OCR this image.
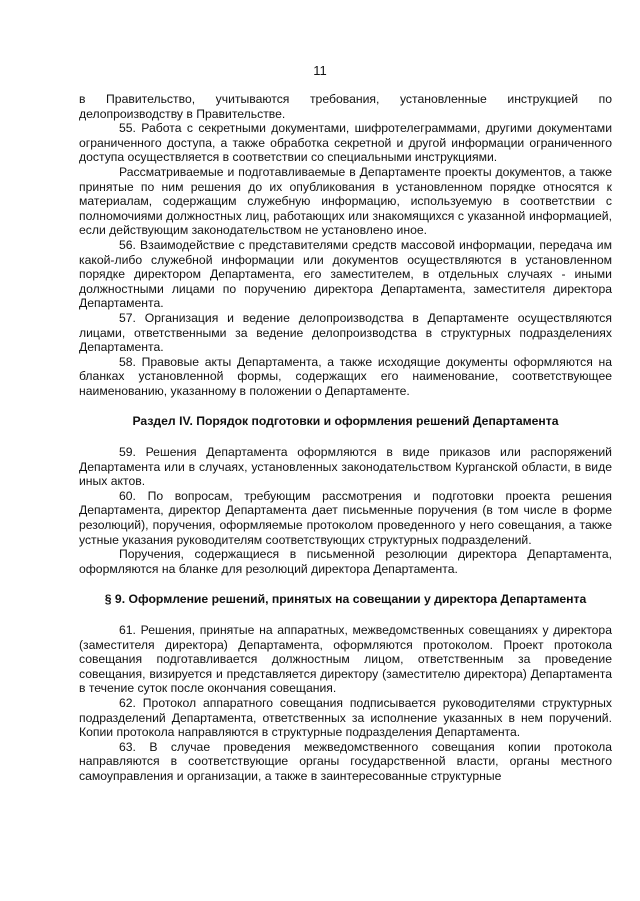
11

в Правительство, учитываются требования, установленные инструкцией по делопроизводству в Правительстве.

55. Работа с секретными документами, шифротелеграммами, другими документами ограниченного доступа, а также обработка секретной и другой информации ограниченного доступа осуществляется в соответствии со специальными инструкциями.

Рассматриваемые и подготавливаемые в Департаменте проекты документов, а также принятые по ним решения до их опубликования в установленном порядке относятся к материалам, содержащим служебную информацию, используемую в соответствии с полномочиями должностных лиц, работающих или знакомящихся с указанной информацией, если действующим законодательством не установлено иное.

56. Взаимодействие с представителями средств массовой информации, передача им какой-либо служебной информации или документов осуществляются в установленном порядке директором Департамента, его заместителем, в отдельных случаях - иными должностными лицами по поручению директора Департамента, заместителя директора Департамента.

57. Организация и ведение делопроизводства в Департаменте осуществляются лицами, ответственными за ведение делопроизводства в структурных подразделениях Департамента.

58. Правовые акты Департамента, а также исходящие документы оформляются на бланках установленной формы, содержащих его наименование, соответствующее наименованию, указанному в положении о Департаменте.

Раздел IV. Порядок подготовки и оформления решений Департамента

59. Решения Департамента оформляются в виде приказов или распоряжений Департамента или в случаях, установленных законодательством Курганской области, в виде иных актов.

60. По вопросам, требующим рассмотрения и подготовки проекта решения Департамента, директор Департамента дает письменные поручения (в том числе в форме резолюций), поручения, оформляемые протоколом проведенного у него совещания, а также устные указания руководителям соответствующих структурных подразделений.

Поручения, содержащиеся в письменной резолюции директора Департамента, оформляются на бланке для резолюций директора Департамента.

§ 9. Оформление решений, принятых на совещании у директора Департамента

61. Решения, принятые на аппаратных, межведомственных совещаниях у директора (заместителя директора) Департамента, оформляются протоколом. Проект протокола совещания подготавливается должностным лицом, ответственным за проведение совещания, визируется и представляется директору (заместителю директора) Департамента в течение суток после окончания совещания.

62. Протокол аппаратного совещания подписывается руководителями структурных подразделений Департамента, ответственных за исполнение указанных в нем поручений. Копии протокола направляются в структурные подразделения Департамента.

63. В случае проведения межведомственного совещания копии протокола направляются в соответствующие органы государственной власти, органы местного самоуправления и организации, а также в заинтересованные структурные
